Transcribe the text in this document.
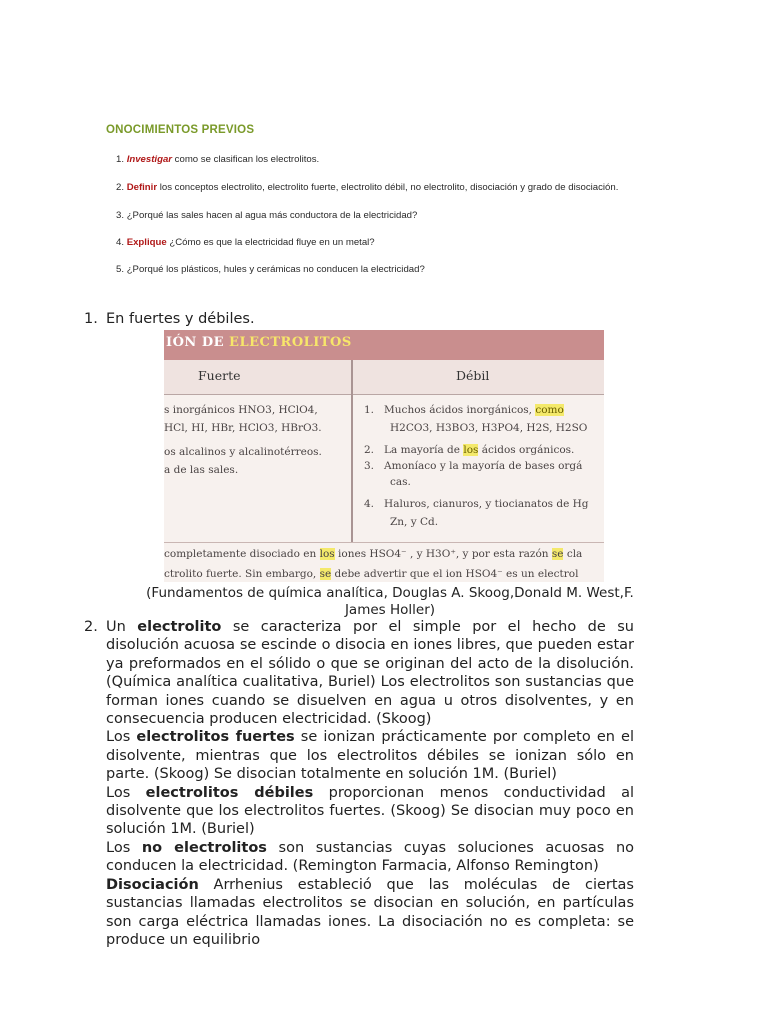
ONOCIMIENTOS PREVIOS
1. Investigar como se clasifican los electrolitos.
2. Definir los conceptos electrolito, electrolito fuerte, electrolito débil, no electrolito, disociación y grado de disociación.
3. ¿Porqué las sales hacen al agua más conductora de la electricidad?
4. Explique ¿Cómo es que la electricidad fluye en un metal?
5. ¿Porqué los plásticos, hules y cerámicas no conducen la electricidad?
1. En fuertes y débiles.
IÓN DE ELECTROLITOS
Fuerte	Débil
s inorgánicos HNO3, HClO4,
HCl, HI, HBr, HClO3, HBrO3.
os alcalinos y alcalinotérreos.
a de las sales.
1. Muchos ácidos inorgánicos, como
H2CO3, H3BO3, H3PO4, H2S, H2SO
2. La mayoría de los ácidos orgánicos.
3. Amoníaco y la mayoría de bases orgá
cas.
4. Haluros, cianuros, y tiocianatos de Hg
Zn, y Cd.
completamente disociado en los iones HSO4⁻ , y H3O⁺, y por esta razón se cla
ctrolito fuerte. Sin embargo, se debe advertir que el ion HSO4⁻ es un electrol
(Fundamentos de química analítica, Douglas A. Skoog,Donald M. West,F. James Holler)
2. Un electrolito se caracteriza por el simple por el hecho de su disolución acuosa se escinde o disocia en iones libres, que pueden estar ya preformados en el sólido o que se originan del acto de la disolución. (Química analítica cualitativa, Buriel) Los electrolitos son sustancias que forman iones cuando se disuelven en agua u otros disolventes, y en consecuencia producen electricidad. (Skoog)

Los electrolitos fuertes se ionizan prácticamente por completo en el disolvente, mientras que los electrolitos débiles se ionizan sólo en parte. (Skoog) Se disocian totalmente en solución 1M. (Buriel)

Los electrolitos débiles proporcionan menos conductividad al disolvente que los electrolitos fuertes. (Skoog) Se disocian muy poco en solución 1M. (Buriel)

Los no electrolitos son sustancias cuyas soluciones acuosas no conducen la electricidad. (Remington Farmacia, Alfonso Remington)

Disociación Arrhenius estableció que las moléculas de ciertas sustancias llamadas electrolitos se disocian en solución, en partículas son carga eléctrica llamadas iones. La disociación no es completa: se produce un equilibrio
